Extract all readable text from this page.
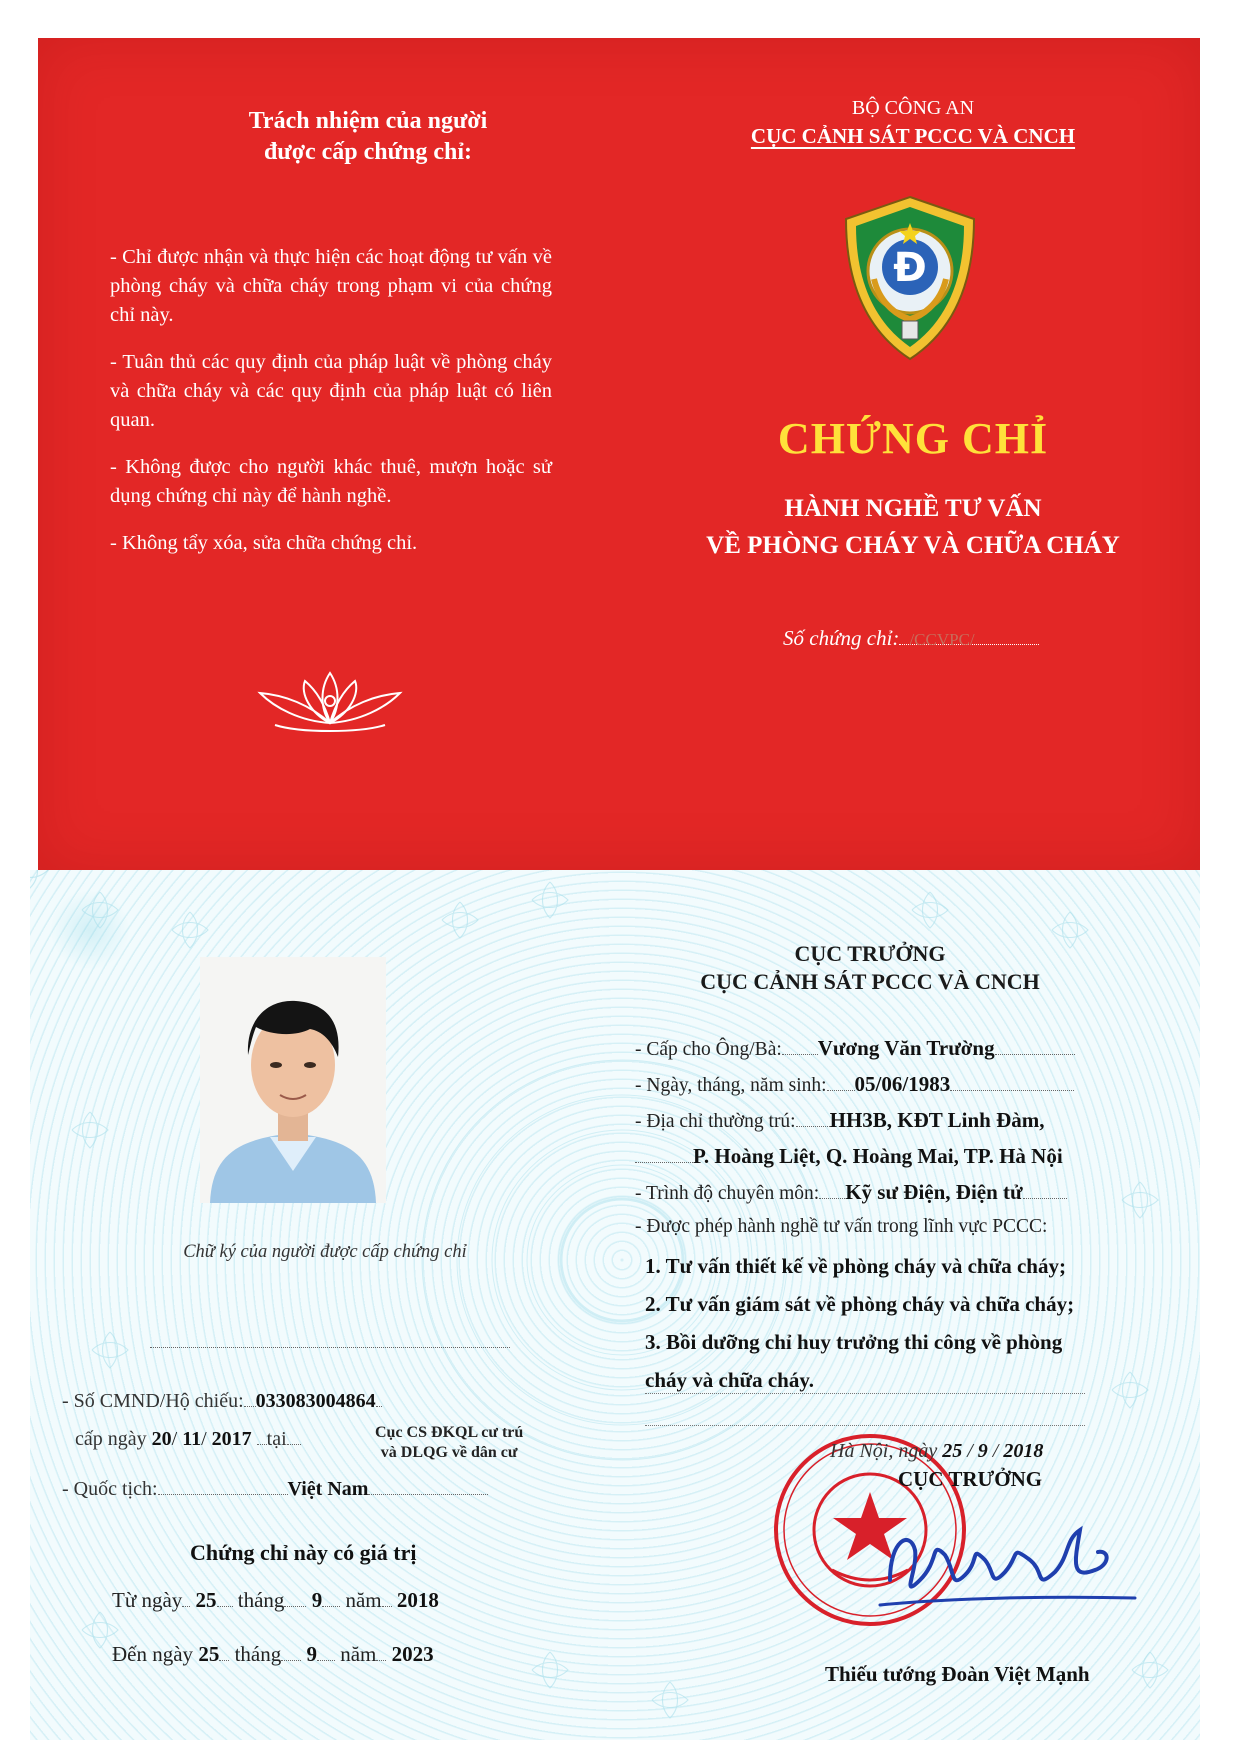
Trách nhiệm của người
được cấp chứng chỉ:

- Chỉ được nhận và thực hiện các hoạt động tư vấn về phòng cháy và chữa cháy trong phạm vi của chứng chỉ này.

- Tuân thủ các quy định của pháp luật về phòng cháy và chữa cháy và các quy định của pháp luật có liên quan.

- Không được cho người khác thuê, mượn hoặc sử dụng chứng chỉ này để hành nghề.

- Không tẩy xóa, sửa chữa chứng chỉ.

BỘ CÔNG AN
CỤC CẢNH SÁT PCCC VÀ CNCH
Đ
CHỨNG CHỈ
HÀNH NGHỀ TƯ VẤN
VỀ PHÒNG CHÁY VÀ CHỮA CHÁY
Số chứng chỉ: /CCVPC/
Chữ ký của người được cấp chứng chỉ
- Số CMND/Hộ chiếu: 033083004864
cấp ngày 20/ 11/ 2017 tại	Cục CS ĐKQL cư trú
và DLQG về dân cư
- Quốc tịch:	Việt Nam
Chứng chỉ này có giá trị
Từ ngày 25 tháng 9 năm 2018
Đến ngày 25 tháng 9 năm 2023
CỤC TRƯỞNG
CỤC CẢNH SÁT PCCC VÀ CNCH
- Cấp cho Ông/Bà: Vương Văn Trường
- Ngày, tháng, năm sinh: 05/06/1983
- Địa chỉ thường trú: HH3B, KĐT Linh Đàm,
P. Hoàng Liệt, Q. Hoàng Mai, TP. Hà Nội
- Trình độ chuyên môn: Kỹ sư Điện, Điện tử
- Được phép hành nghề tư vấn trong lĩnh vực PCCC:
1. Tư vấn thiết kế về phòng cháy và chữa cháy;
2. Tư vấn giám sát về phòng cháy và chữa cháy;
3. Bồi dưỡng chỉ huy trưởng thi công về phòng
cháy và chữa cháy.
Hà Nội, ngày 25 / 9 / 2018
CỤC TRƯỞNG
Thiếu tướng Đoàn Việt Mạnh
